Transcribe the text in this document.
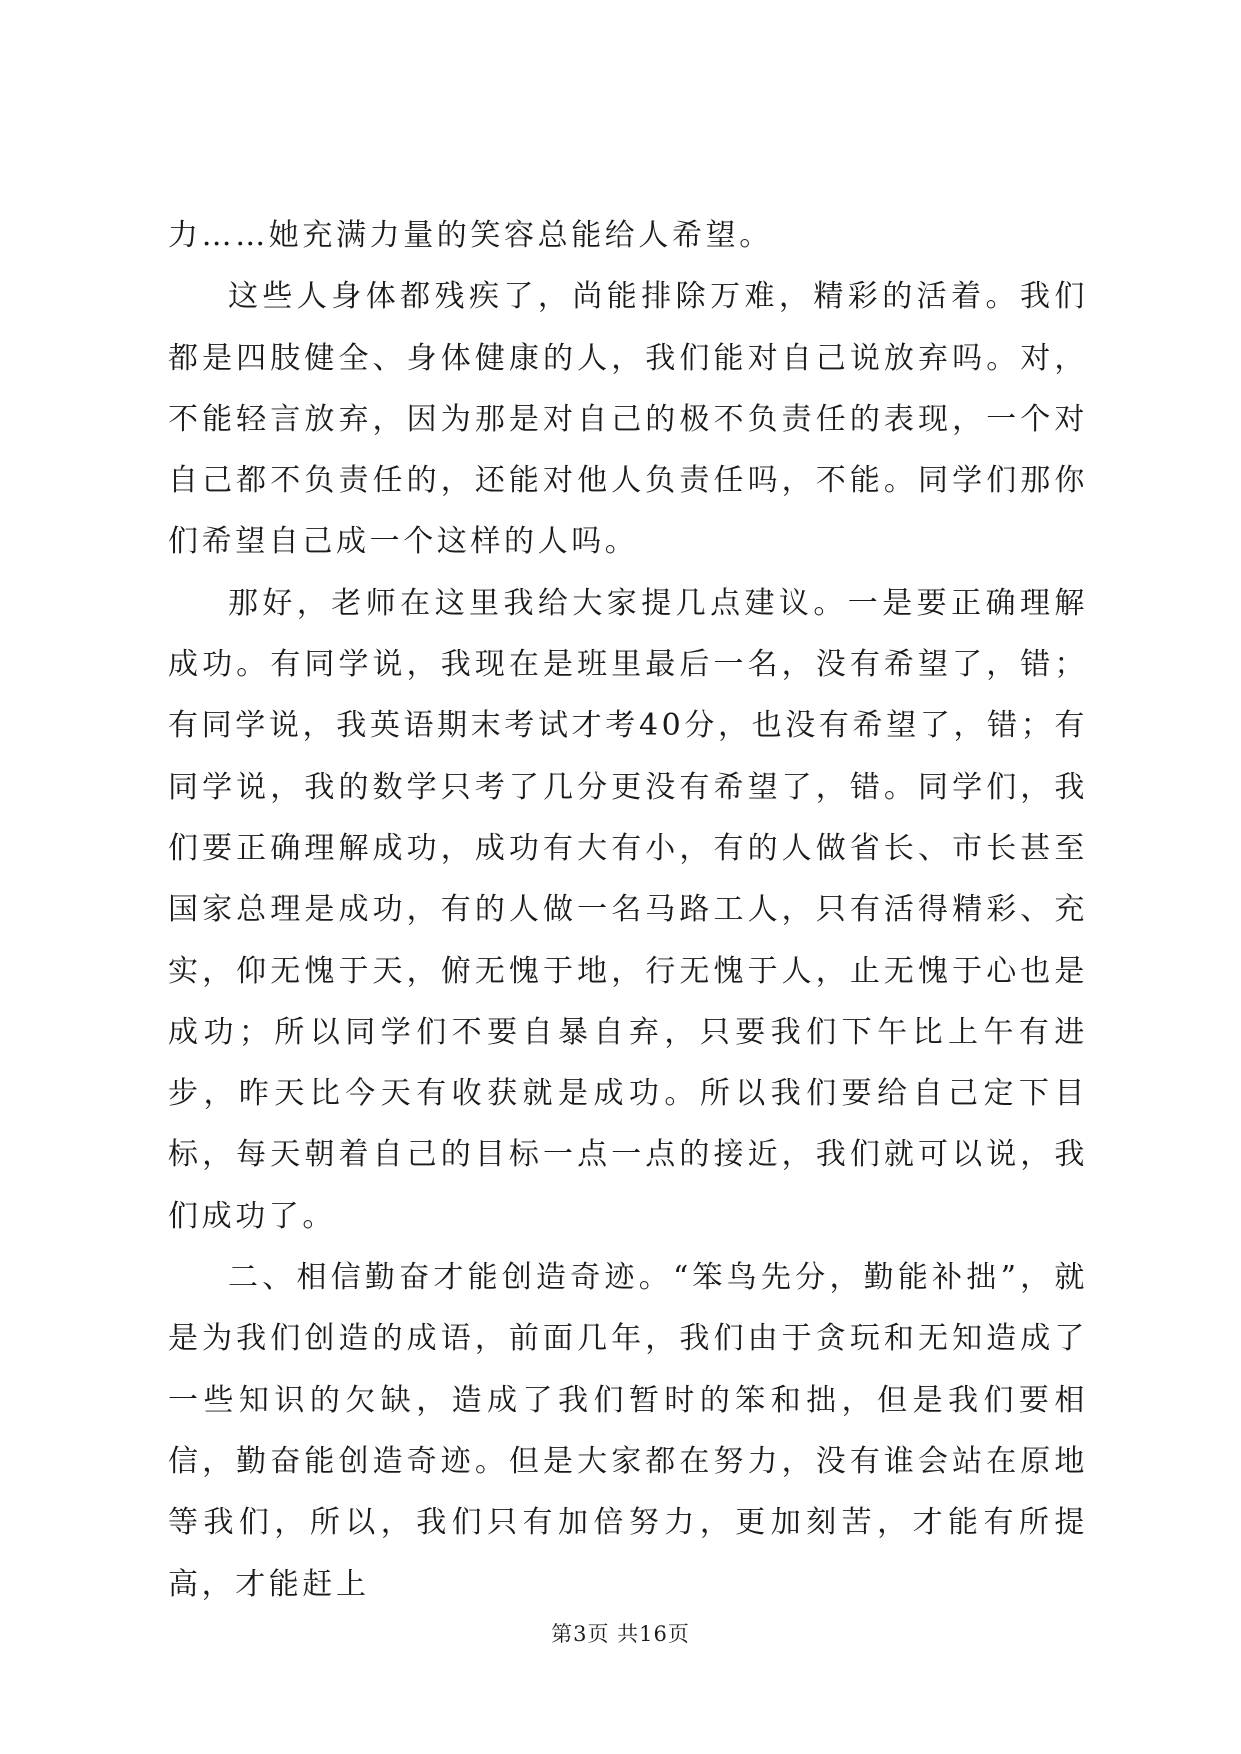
力……她充满力量的笑容总能给人希望。

这些人身体都残疾了，尚能排除万难，精彩的活着。我们都是四肢健全、身体健康的人，我们能对自己说放弃吗。对，不能轻言放弃，因为那是对自己的极不负责任的表现，一个对自己都不负责任的，还能对他人负责任吗，不能。同学们那你们希望自己成一个这样的人吗。

那好，老师在这里我给大家提几点建议。一是要正确理解成功。有同学说，我现在是班里最后一名，没有希望了，错；有同学说，我英语期末考试才考40分，也没有希望了，错；有同学说，我的数学只考了几分更没有希望了，错。同学们，我们要正确理解成功，成功有大有小，有的人做省长、市长甚至国家总理是成功，有的人做一名马路工人，只有活得精彩、充实，仰无愧于天，俯无愧于地，行无愧于人，止无愧于心也是成功；所以同学们不要自暴自弃，只要我们下午比上午有进步，昨天比今天有收获就是成功。所以我们要给自己定下目标，每天朝着自己的目标一点一点的接近，我们就可以说，我们成功了。

二、相信勤奋才能创造奇迹。“笨鸟先分，勤能补拙”，就是为我们创造的成语，前面几年，我们由于贪玩和无知造成了一些知识的欠缺，造成了我们暂时的笨和拙，但是我们要相信，勤奋能创造奇迹。但是大家都在努力，没有谁会站在原地等我们，所以，我们只有加倍努力，更加刻苦，才能有所提高，才能赶上

第3页 共16页
